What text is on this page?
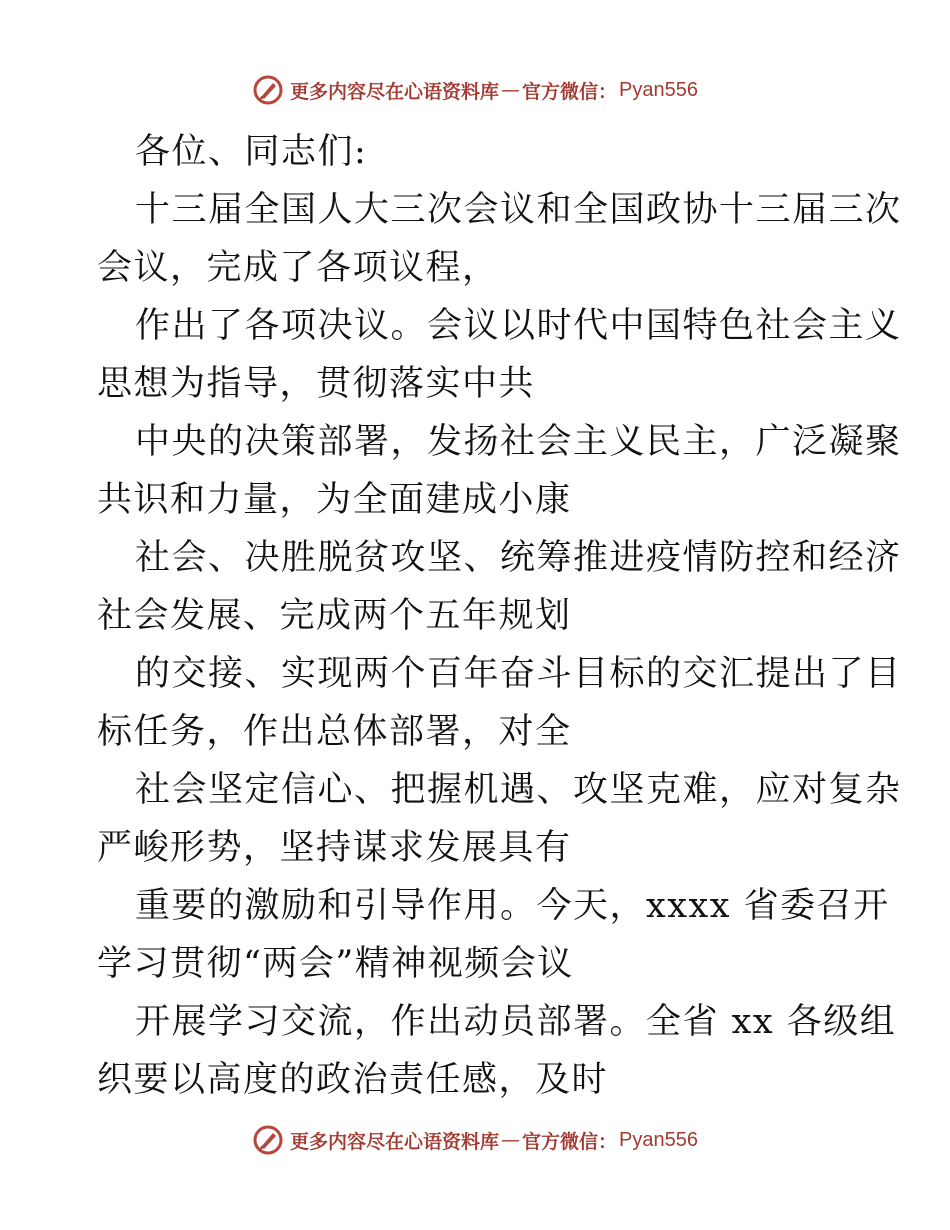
更多内容尽在心语资料库 — 官方微信： Pyan556
各位、同志们:
十三届全国人大三次会议和全国政协十三届三次
会议，完成了各项议程，
作出了各项决议。会议以时代中国特色社会主义
思想为指导，贯彻落实中共
中央的决策部署，发扬社会主义民主，广泛凝聚
共识和力量，为全面建成小康
社会、决胜脱贫攻坚、统筹推进疫情防控和经济
社会发展、完成两个五年规划
的交接、实现两个百年奋斗目标的交汇提出了目
标任务，作出总体部署，对全
社会坚定信心、把握机遇、攻坚克难，应对复杂
严峻形势，坚持谋求发展具有
重要的激励和引导作用。今天，xxxx 省委召开
学习贯彻“两会”精神视频会议
开展学习交流，作出动员部署。全省 xx 各级组
织要以高度的政治责任感，及时
更多内容尽在心语资料库 — 官方微信： Pyan556
